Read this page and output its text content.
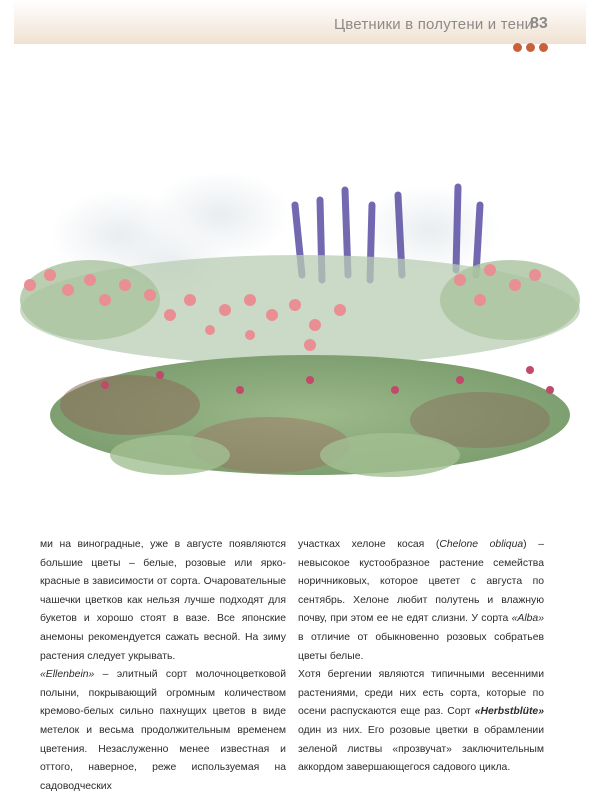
Цветники в полутени и тени
83

ми на виноградные, уже в августе появляются большие цветы – белые, розовые или ярко-красные в зависимости от сорта. Очаровательные чашечки цветков как нельзя лучше подходят для букетов и хорошо стоят в вазе. Все японские анемоны рекомендуется сажать весной. На зиму растения следует укрывать.

«Ellenbein» – элитный сорт молочноцветковой полыни, покрывающий огромным количеством кремово-белых сильно пахнущих цветов в виде метелок и весьма продолжительным временем цветения. Незаслуженно менее известная и оттого, наверное, реже используемая на садоводческих

участках хелоне косая (Chelone obliqua) – невысокое кустообразное растение семейства норичниковых, которое цветет с августа по сентябрь. Хелоне любит полутень и влажную почву, при этом ее не едят слизни. У сорта «Alba» в отличие от обыкновенно розовых собратьев цветы белые.

Хотя бергении являются типичными весенними растениями, среди них есть сорта, которые по осени распускаются еще раз. Сорт «Herbstblüte» один из них. Его розовые цветки в обрамлении зеленой листвы «прозвучат» заключительным аккордом завершающегося садового цикла.
